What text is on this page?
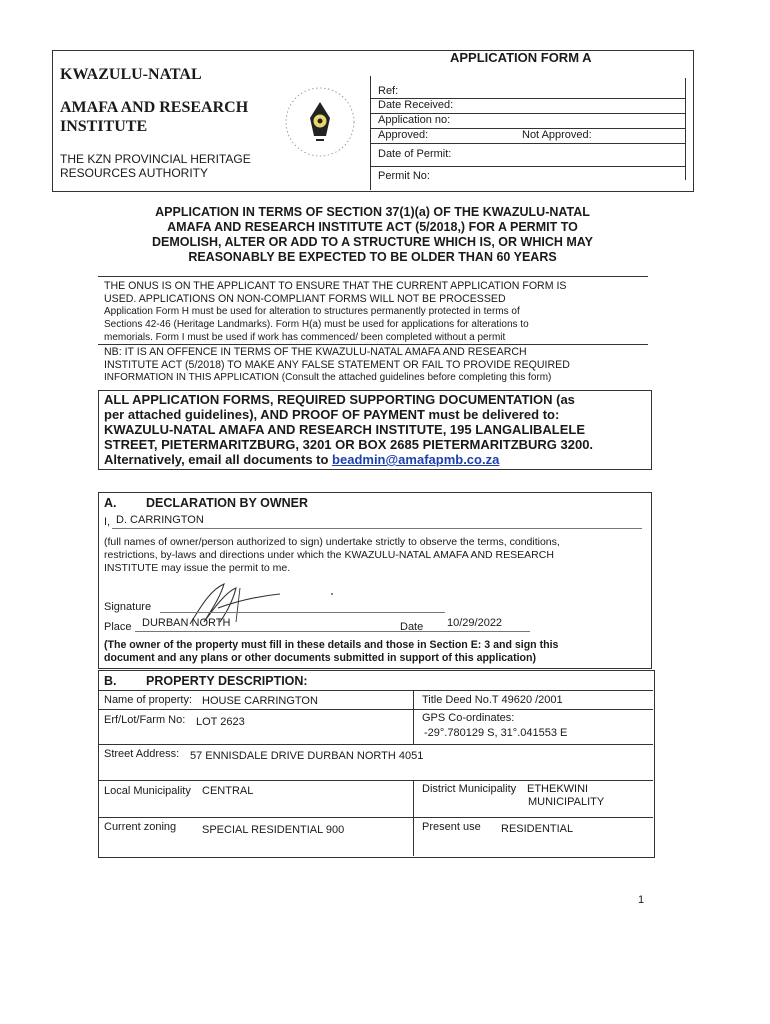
APPLICATION FORM A
KWAZULU-NATAL
AMAFA AND RESEARCH
INSTITUTE
THE KZN PROVINCIAL HERITAGE
RESOURCES AUTHORITY
Ref:
Date Received:
Application no:
Approved:	Not Approved:
Date of Permit:
Permit No:
APPLICATION IN TERMS OF SECTION 37(1)(a) OF THE KWAZULU-NATAL
AMAFA AND RESEARCH INSTITUTE ACT (5/2018,) FOR A PERMIT TO
DEMOLISH, ALTER OR ADD TO A STRUCTURE WHICH IS, OR WHICH MAY
REASONABLY BE EXPECTED TO BE OLDER THAN 60 YEARS
THE ONUS IS ON THE APPLICANT TO ENSURE THAT THE CURRENT APPLICATION FORM IS
USED. APPLICATIONS ON NON-COMPLIANT FORMS WILL NOT BE PROCESSED
Application Form H must be used for alteration to structures permanently protected in terms of
Sections 42-46 (Heritage Landmarks). Form H(a) must be used for applications for alterations to
memorials. Form I must be used if work has commenced/ been completed without a permit
NB: IT IS AN OFFENCE IN TERMS OF THE KWAZULU-NATAL AMAFA AND RESEARCH
INSTITUTE ACT (5/2018) TO MAKE ANY FALSE STATEMENT OR FAIL TO PROVIDE REQUIRED
INFORMATION IN THIS APPLICATION (Consult the attached guidelines before completing this form)
ALL APPLICATION FORMS, REQUIRED SUPPORTING DOCUMENTATION (as
per attached guidelines), AND PROOF OF PAYMENT must be delivered to:
KWAZULU-NATAL AMAFA AND RESEARCH INSTITUTE, 195 LANGALIBALELE
STREET, PIETERMARITZBURG, 3201 OR BOX 2685 PIETERMARITZBURG 3200.
Alternatively, email all documents to beadmin@amafapmb.co.za
A. DECLARATION BY OWNER
I, D. CARRINGTON
(full names of owner/person authorized to sign) undertake strictly to observe the terms, conditions,
restrictions, by-laws and directions under which the KWAZULU-NATAL AMAFA AND RESEARCH
INSTITUTE may issue the permit to me.
Signature
Place DURBAN NORTH	Date 10/29/2022
(The owner of the property must fill in these details and those in Section E: 3 and sign this
document and any plans or other documents submitted in support of this application)
B. PROPERTY DESCRIPTION:
Name of property: HOUSE CARRINGTON	Title Deed No.T 49620 /2001
Erf/Lot/Farm No: LOT 2623	GPS Co-ordinates:
-29°.780129 S, 31°.041553 E
Street Address: 57 ENNISDALE DRIVE DURBAN NORTH 4051
Local Municipality CENTRAL	District Municipality ETHEKWINI
MUNICIPALITY
Current zoning SPECIAL RESIDENTIAL 900	Present use RESIDENTIAL
1
